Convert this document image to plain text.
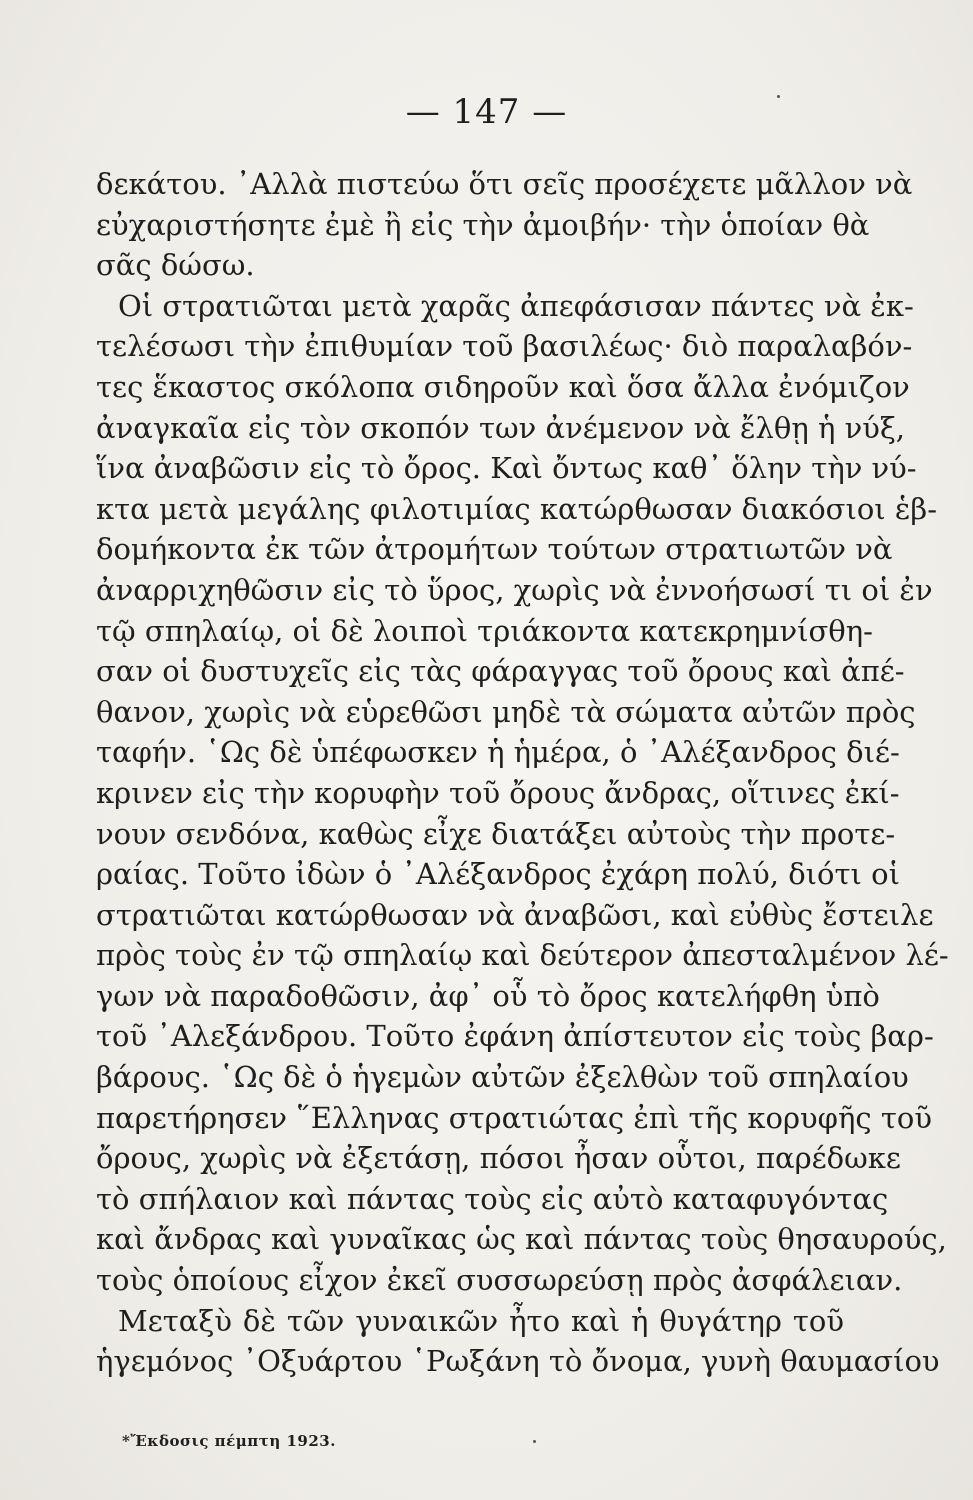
— 147 —
δεκάτου. ᾿Αλλὰ πιστεύω ὅτι σεῖς προσέχετε μᾶλλον νὰ
εὐχαριστήσητε ἐμὲ ἢ εἰς τὴν ἀμοιβήν· τὴν ὁποίαν θὰ
σᾶς δώσω.
Οἱ στρατιῶται μετὰ χαρᾶς ἀπεφάσισαν πάντες νὰ ἐκ-
τελέσωσι τὴν ἐπιθυμίαν τοῦ βασιλέως· διὸ παραλαβόν-
τες ἕκαστος σκόλοπα σιδηροῦν καὶ ὅσα ἄλλα ἐνόμιζον
ἀναγκαῖα εἰς τὸν σκοπόν των ἀνέμενον νὰ ἔλθῃ ἡ νύξ,
ἵνα ἀναβῶσιν εἰς τὸ ὄρος. Καὶ ὄντως καθ᾿ ὅλην τὴν νύ-
κτα μετὰ μεγάλης φιλοτιμίας κατώρθωσαν διακόσιοι ἑβ-
δομήκοντα ἐκ τῶν ἀτρομήτων τούτων στρατιωτῶν νὰ
ἀναρριχηθῶσιν εἰς τὸ ὕρος, χωρὶς νὰ ἐννοήσωσί τι οἱ ἐν
τῷ σπηλαίῳ, οἱ δὲ λοιποὶ τριάκοντα κατεκρημνίσθη-
σαν οἱ δυστυχεῖς εἰς τὰς φάραγγας τοῦ ὄρους καὶ ἀπέ-
θανον, χωρὶς νὰ εὑρεθῶσι μηδὲ τὰ σώματα αὐτῶν πρὸς
ταφήν. ῾Ως δὲ ὑπέφωσκεν ἡ ἡμέρα, ὁ ᾿Αλέξανδρος διέ-
κρινεν εἰς τὴν κορυφὴν τοῦ ὄρους ἄνδρας, οἵτινες ἐκί-
νουν σενδόνα, καθὼς εἶχε διατάξει αὐτοὺς τὴν προτε-
ραίας. Τοῦτο ἰδὼν ὁ ᾿Αλέξανδρος ἐχάρη πολύ, διότι οἱ
στρατιῶται κατώρθωσαν νὰ ἀναβῶσι, καὶ εὐθὺς ἔστειλε
πρὸς τοὺς ἐν τῷ σπηλαίῳ καὶ δεύτερον ἀπεσταλμένον λέ-
γων νὰ παραδοθῶσιν, ἀφ᾿ οὗ τὸ ὄρος κατελήφθη ὑπὸ
τοῦ ᾿Αλεξάνδρου. Τοῦτο ἐφάνη ἀπίστευτον εἰς τοὺς βαρ-
βάρους. ῾Ως δὲ ὁ ἡγεμὼν αὐτῶν ἐξελθὼν τοῦ σπηλαίου
παρετήρησεν ῞Ελληνας στρατιώτας ἐπὶ τῆς κορυφῆς τοῦ
ὄρους, χωρὶς νὰ ἐξετάσῃ, πόσοι ἦσαν οὗτοι, παρέδωκε
τὸ σπήλαιον καὶ πάντας τοὺς εἰς αὐτὸ καταφυγόντας
καὶ ἄνδρας καὶ γυναῖκας ὡς καὶ πάντας τοὺς θησαυρούς,
τοὺς ὁποίους εἶχον ἐκεῖ συσσωρεύσῃ πρὸς ἀσφάλειαν.
Μεταξὺ δὲ τῶν γυναικῶν ἦτο καὶ ἡ θυγάτηρ τοῦ
ἡγεμόνος ᾿Οξυάρτου ῾Ρωξάνη τὸ ὄνομα, γυνὴ θαυμασίου
*Ἔκδοσις πέμπτη 1923.
